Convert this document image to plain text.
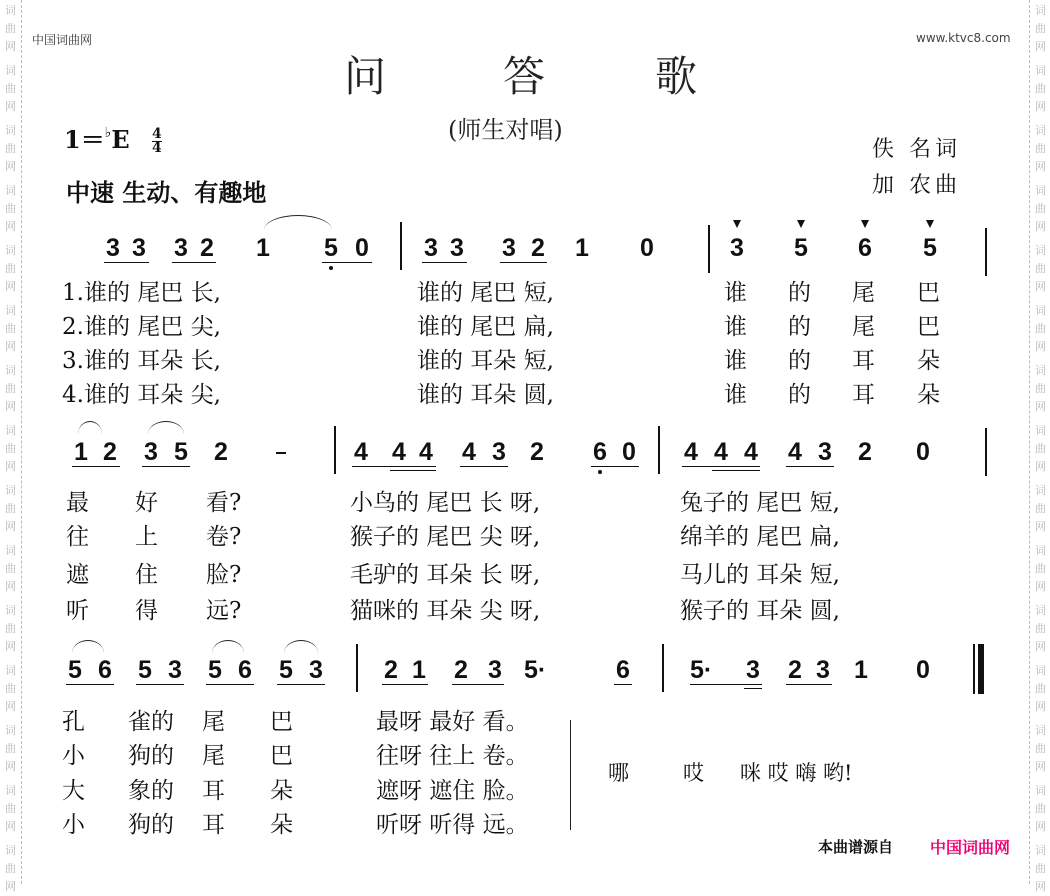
词
曲
网
词
曲
网
词
曲
网
词
曲
网
词
曲
网
词
曲
网
词
曲
网
词
曲
网
词
曲
网
词
曲
网
词
曲
网
词
曲
网
词
曲
网
词
曲
网
词
曲
网
词
曲
网
词
曲
网
词
曲
网
词
曲
网
词
曲
网
词
曲
网
词
曲
网
词
曲
网
词
曲
网
词
曲
网
词
曲
网
词
曲
网
词
曲
网
词
曲
网
词
曲
网
中国词曲网	www.ktvc8.com
问	答	歌
(师生对唱)
$1=^♭E \frac{4}{4}$
中速 生动、有趣地
佚 名词
加 农曲
3 3 3 2 1 5 0 3 3 3 2 1 0	3 5 6 5
1.谁的 尾巴 长,
2.谁的 尾巴 尖,
3.谁的 耳朵 长,
4.谁的 耳朵 尖,
谁的 尾巴 短,
谁的 尾巴 扁,
谁的 耳朵 短,
谁的 耳朵 圆,
谁 的 尾 巴
谁 的 尾 巴
谁 的 耳 朵
谁 的 耳 朵
1 2 3 5 2	4 4 4 4 3 2 6 0 4 4 4 4 3 2 0
最 好 看?
往 上 卷?
遮 住 脸?
听 得 远?
小鸟的 尾巴 长 呀,
猴子的 尾巴 尖 呀,
毛驴的 耳朵 长 呀,
猫咪的 耳朵 尖 呀,
兔子的 尾巴 短,
绵羊的 尾巴 扁,
马儿的 耳朵 短,
猴子的 耳朵 圆,
5 6 5 3 5 6 5 3 2 1 2 3 5·	6 5·	3 2 3 1 0
孔 雀的 尾 巴
小 狗的 尾 巴
大 象的 耳 朵
小 狗的 耳 朵
最呀 最好 看。
往呀 往上 卷。
遮呀 遮住 脸。
听呀 听得 远。
哪	哎 咪 哎 嗨 哟!
本曲谱源自 中国词曲网
